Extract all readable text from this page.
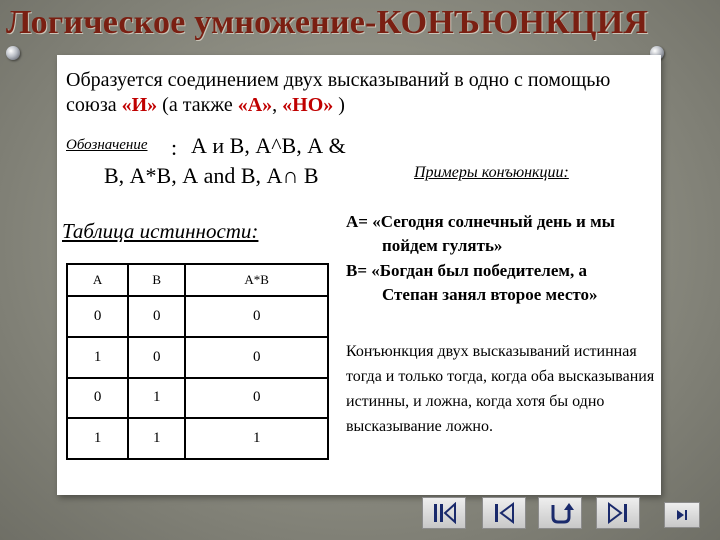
Логическое умножение-КОНЪЮНКЦИЯ
Образуется соединением двух высказываний в одно с помощью союза «И» (а также «А», «НО» )
Обозначение : А и В, А^В, А &
В, А*В, А and В, А∩ В	Примеры конъюнкции:
Таблица истинности:	А= «Сегодня солнечный день и мы
пойдем гулять»
В= «Богдан был победителем, а
Степан занял второе место»
Конъюнкция двух высказываний истинная тогда и только тогда, когда оба высказывания истинны, и ложна, когда хотя бы одно высказывание ложно.
A	B	A*B
0	0	0
1	0	0
0	1	0
1	1	1
